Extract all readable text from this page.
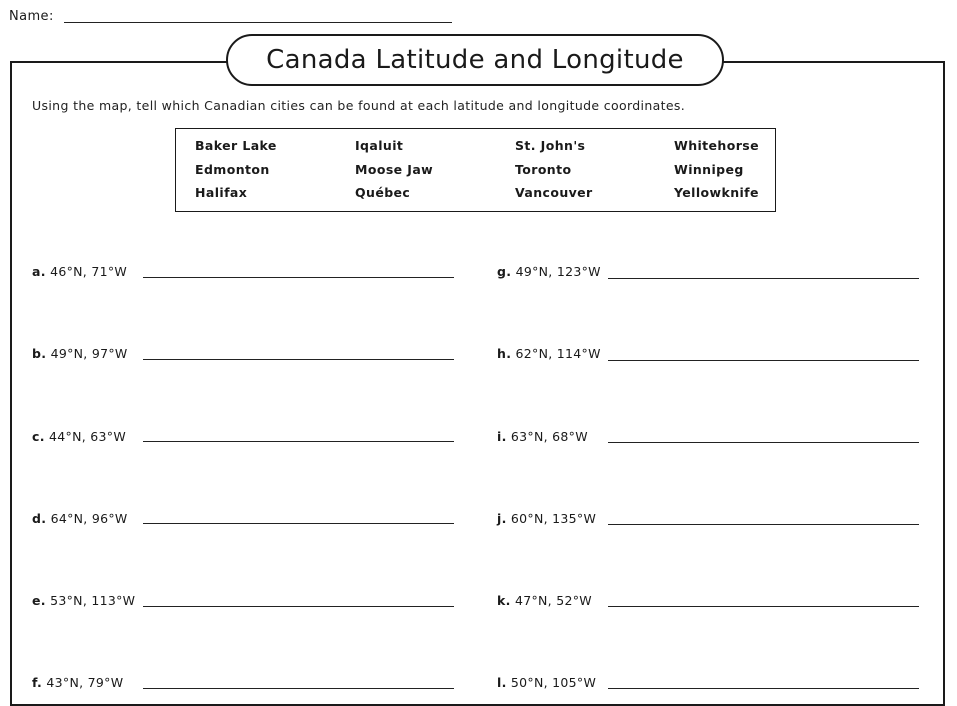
Name:
Canada Latitude and Longitude
Using the map, tell which Canadian cities can be found at each latitude and longitude coordinates.
Baker Lake	Iqaluit	St. John's	Whitehorse
Edmonton	Moose Jaw	Toronto	Winnipeg
Halifax	Québec	Vancouver	Yellowknife
a. 46°N, 71°W
b. 49°N, 97°W
c. 44°N, 63°W
d. 64°N, 96°W
e. 53°N, 113°W
f. 43°N, 79°W
g. 49°N, 123°W
h. 62°N, 114°W
i. 63°N, 68°W
j. 60°N, 135°W
k. 47°N, 52°W
l. 50°N, 105°W
